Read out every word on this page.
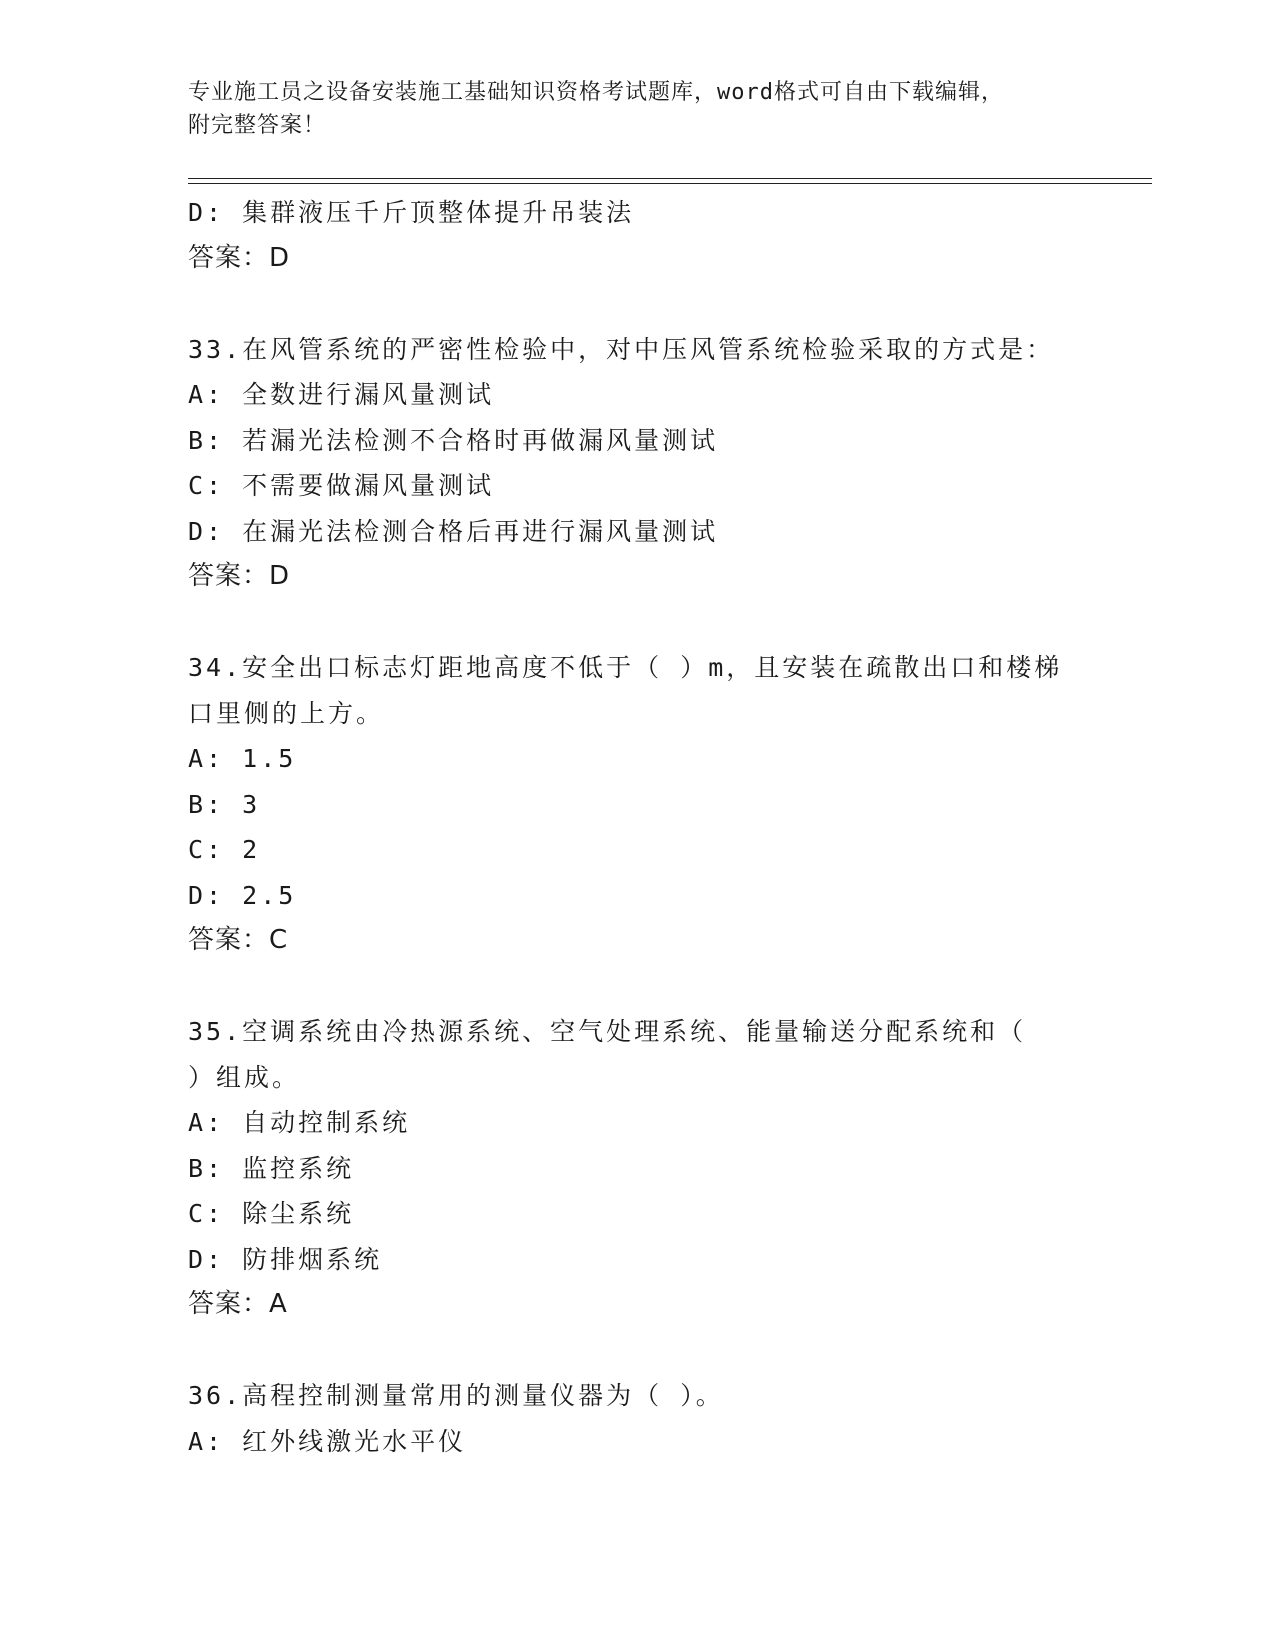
专业施工员之设备安装施工基础知识资格考试题库，word格式可自由下载编辑，
附完整答案！
D: 集群液压千斤顶整体提升吊装法
答案：D
33.在风管系统的严密性检验中，对中压风管系统检验采取的方式是：
A: 全数进行漏风量测试
B: 若漏光法检测不合格时再做漏风量测试
C: 不需要做漏风量测试
D: 在漏光法检测合格后再进行漏风量测试
答案：D
34.安全出口标志灯距地高度不低于（ ）m，且安装在疏散出口和楼梯
口里侧的上方。
A: 1.5
B: 3
C: 2
D: 2.5
答案：C
35.空调系统由冷热源系统、空气处理系统、能量输送分配系统和（
）组成。
A: 自动控制系统
B: 监控系统
C: 除尘系统
D: 防排烟系统
答案：A
36.高程控制测量常用的测量仪器为（ ）。
A: 红外线激光水平仪
